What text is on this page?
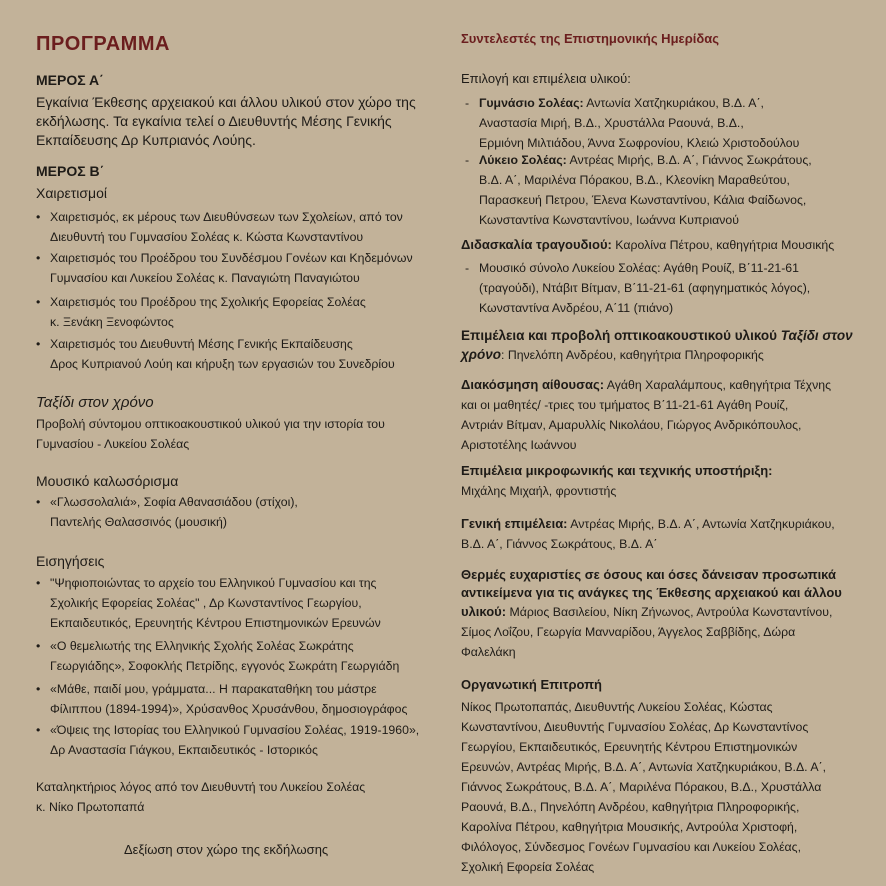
ΠΡΟΓΡΑΜΜΑ
ΜΕΡΟΣ Α΄
Εγκαίνια Έκθεσης αρχειακού και άλλου υλικού στον χώρο της
εκδήλωσης. Τα εγκαίνια τελεί ο Διευθυντής Μέσης Γενικής
Εκπαίδευσης Δρ Κυπριανός Λούης.
ΜΕΡΟΣ Β΄
Χαιρετισμοί
• Χαιρετισμός, εκ μέρους των Διευθύνσεων των Σχολείων, από τον
Διευθυντή του Γυμνασίου Σολέας κ. Κώστα Κωνσταντίνου
• Χαιρετισμός του Προέδρου του Συνδέσμου Γονέων και Κηδεμόνων
Γυμνασίου και Λυκείου Σολέας κ. Παναγιώτη Παναγιώτου
• Χαιρετισμός του Προέδρου της Σχολικής Εφορείας Σολέας
κ. Ξενάκη Ξενοφώντος
• Χαιρετισμός του Διευθυντή Μέσης Γενικής Εκπαίδευσης
Δρος Κυπριανού Λούη και κήρυξη των εργασιών του Συνεδρίου
Ταξίδι στον χρόνο
Προβολή σύντομου οπτικοακουστικού υλικού για την ιστορία του
Γυμνασίου - Λυκείου Σολέας
Μουσικό καλωσόρισμα
• «Γλωσσολαλιά», Σοφία Αθανασιάδου (στίχοι),
Παντελής Θαλασσινός (μουσική)
Εισηγήσεις
• "Ψηφιοποιώντας το αρχείο του Ελληνικού Γυμνασίου και της
Σχολικής Εφορείας Σολέας" , Δρ Κωνσταντίνος Γεωργίου,
Εκπαιδευτικός, Ερευνητής Κέντρου Επιστημονικών Ερευνών
• «Ο θεμελιωτής της Ελληνικής Σχολής Σολέας Σωκράτης
Γεωργιάδης», Σοφοκλής Πετρίδης, εγγονός Σωκράτη Γεωργιάδη
• «Μάθε, παιδί μου, γράμματα... Η παρακαταθήκη του μάστρε
Φίλιππου (1894-1994)», Χρύσανθος Χρυσάνθου, δημοσιογράφος
• «Όψεις της Ιστορίας του Ελληνικού Γυμνασίου Σολέας, 1919-1960»,
Δρ Αναστασία Γιάγκου, Εκπαιδευτικός - Ιστορικός
Καταληκτήριος λόγος από τον Διευθυντή του Λυκείου Σολέας
κ. Νίκο Πρωτοπαπά
Δεξίωση στον χώρο της εκδήλωσης
Συντελεστές της Επιστημονικής Ημερίδας
Επιλογή και επιμέλεια υλικού:
- Γυμνάσιο Σολέας: Αντωνία Χατζηκυριάκου, Β.Δ. Α΄,
Αναστασία Μιρή, Β.Δ., Χρυστάλλα Ραουνά, Β.Δ.,
Ερμιόνη Μιλτιάδου, Άννα Σωφρονίου, Κλειώ Χριστοδούλου
- Λύκειο Σολέας: Αντρέας Μιρής, Β.Δ. Α΄, Γιάννος Σωκράτους,
Β.Δ. Α΄, Μαριλένα Πόρακου, Β.Δ., Κλεονίκη Μαραθεύτου,
Παρασκευή Πετρου, Έλενα Κωνσταντίνου, Κάλια Φαίδωνος,
Κωνσταντίνα Κωνσταντίνου, Ιωάννα Κυπριανού
Διδασκαλία τραγουδιού: Καρολίνα Πέτρου, καθηγήτρια Μουσικής
- Μουσικό σύνολο Λυκείου Σολέας: Αγάθη Ρουίζ, Β΄11-21-61
(τραγούδι), Ντάβιτ Βίτμαν, Β΄11-21-61 (αφηγηματικός λόγος),
Κωνσταντίνα Ανδρέου, Α΄11 (πιάνο)
Επιμέλεια και προβολή οπτικοακουστικού υλικού Ταξίδι στον
χρόνο: Πηνελόπη Ανδρέου, καθηγήτρια Πληροφορικής
Διακόσμηση αίθουσας: Αγάθη Χαραλάμπους, καθηγήτρια Τέχνης
και οι μαθητές/ -τριες του τμήματος Β΄11-21-61 Αγάθη Ρουίζ,
Αντριάν Βίτμαν, Αμαρυλλίς Νικολάου, Γιώργος Ανδρικόπουλος,
Αριστοτέλης Ιωάννου
Επιμέλεια μικροφωνικής και τεχνικής υποστήριξη:
Μιχάλης Μιχαήλ, φροντιστής
Γενική επιμέλεια: Αντρέας Μιρής, Β.Δ. Α΄, Αντωνία Χατζηκυριάκου,
Β.Δ. Α΄, Γιάννος Σωκράτους, Β.Δ. Α΄
Θερμές ευχαριστίες σε όσους και όσες δάνεισαν προσωπικά
αντικείμενα για τις ανάγκες της Έκθεσης αρχειακού και άλλου
υλικού: Μάριος Βασιλείου, Νίκη Ζήνωνος, Αντρούλα Κωνσταντίνου,
Σίμος Λοΐζου, Γεωργία Μανναρίδου, Άγγελος Σαββίδης, Δώρα
Φαλελάκη
Οργανωτική Επιτροπή
Νίκος Πρωτοπαπάς, Διευθυντής Λυκείου Σολέας, Κώστας
Κωνσταντίνου, Διευθυντής Γυμνασίου Σολέας, Δρ Κωνσταντίνος
Γεωργίου, Εκπαιδευτικός, Ερευνητής Κέντρου Επιστημονικών
Ερευνών, Αντρέας Μιρής, Β.Δ. Α΄, Αντωνία Χατζηκυριάκου, Β.Δ. Α΄,
Γιάννος Σωκράτους, Β.Δ. Α΄, Μαριλένα Πόρακου, Β.Δ., Χρυστάλλα
Ραουνά, Β.Δ., Πηνελόπη Ανδρέου, καθηγήτρια Πληροφορικής,
Καρολίνα Πέτρου, καθηγήτρια Μουσικής, Αντρούλα Χριστοφή,
Φιλόλογος, Σύνδεσμος Γονέων Γυμνασίου και Λυκείου Σολέας,
Σχολική Εφορεία Σολέας
